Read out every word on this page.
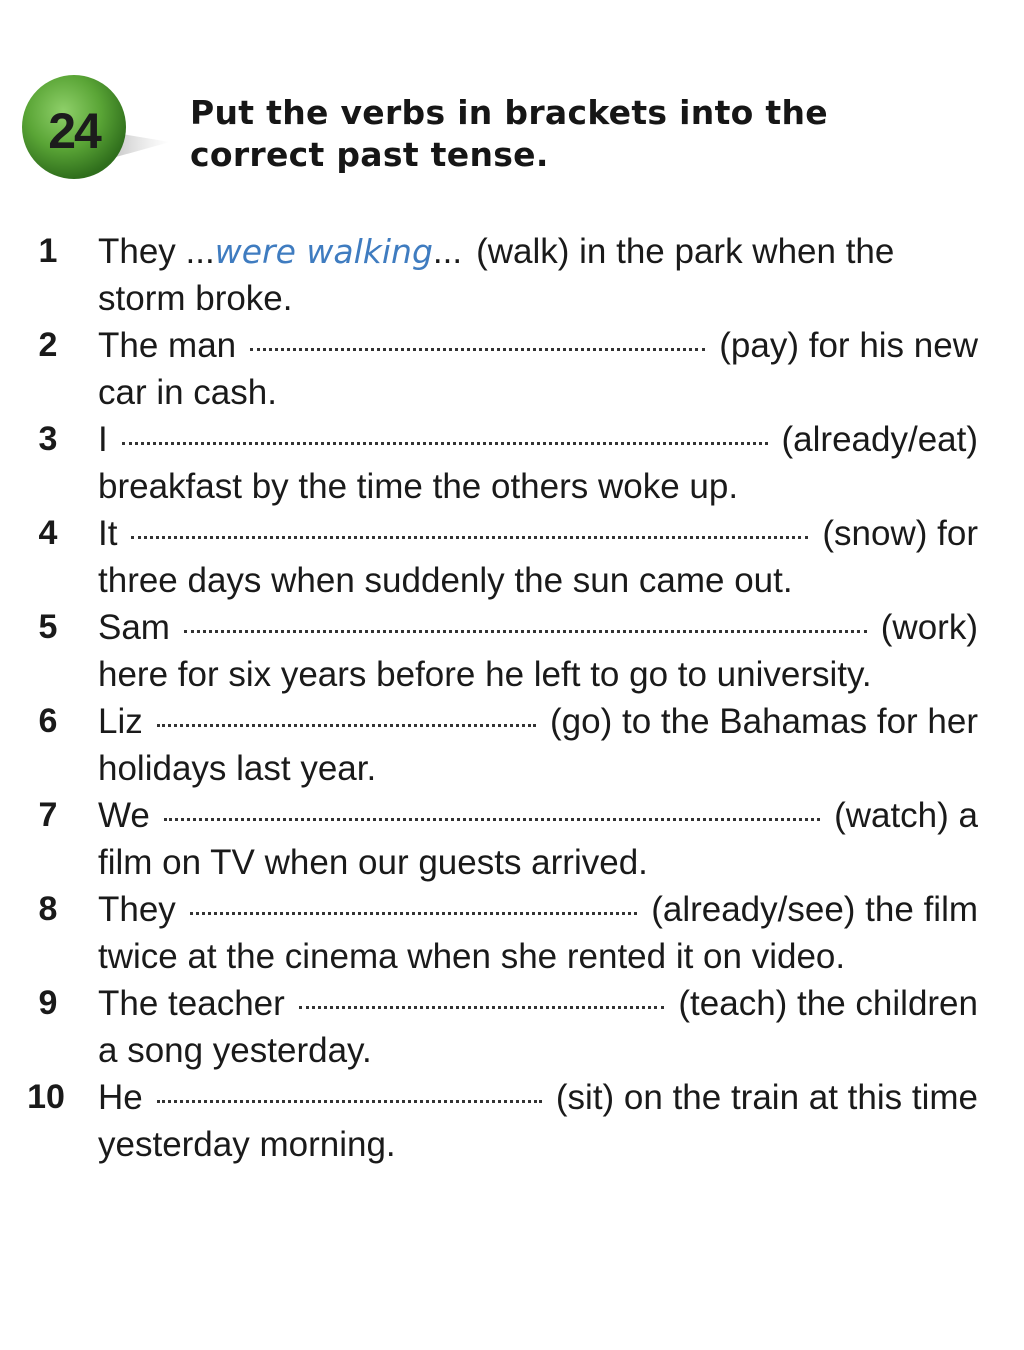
24	Put the verbs in brackets into the
correct past tense.
1	They ... were walking ... (walk) in the park when the
storm broke.
2	The man	(pay) for his new
car in cash.
3	I	(already/eat)
breakfast by the time the others woke up.
4	It	(snow) for
three days when suddenly the sun came out.
5	Sam	(work)
here for six years before he left to go to university.
6	Liz	(go) to the Bahamas for her
holidays last year.
7	We	(watch) a
film on TV when our guests arrived.
8	They	(already/see) the film
twice at the cinema when she rented it on video.
9	The teacher	(teach) the children
a song yesterday.
10 He	(sit) on the train at this time
yesterday morning.
